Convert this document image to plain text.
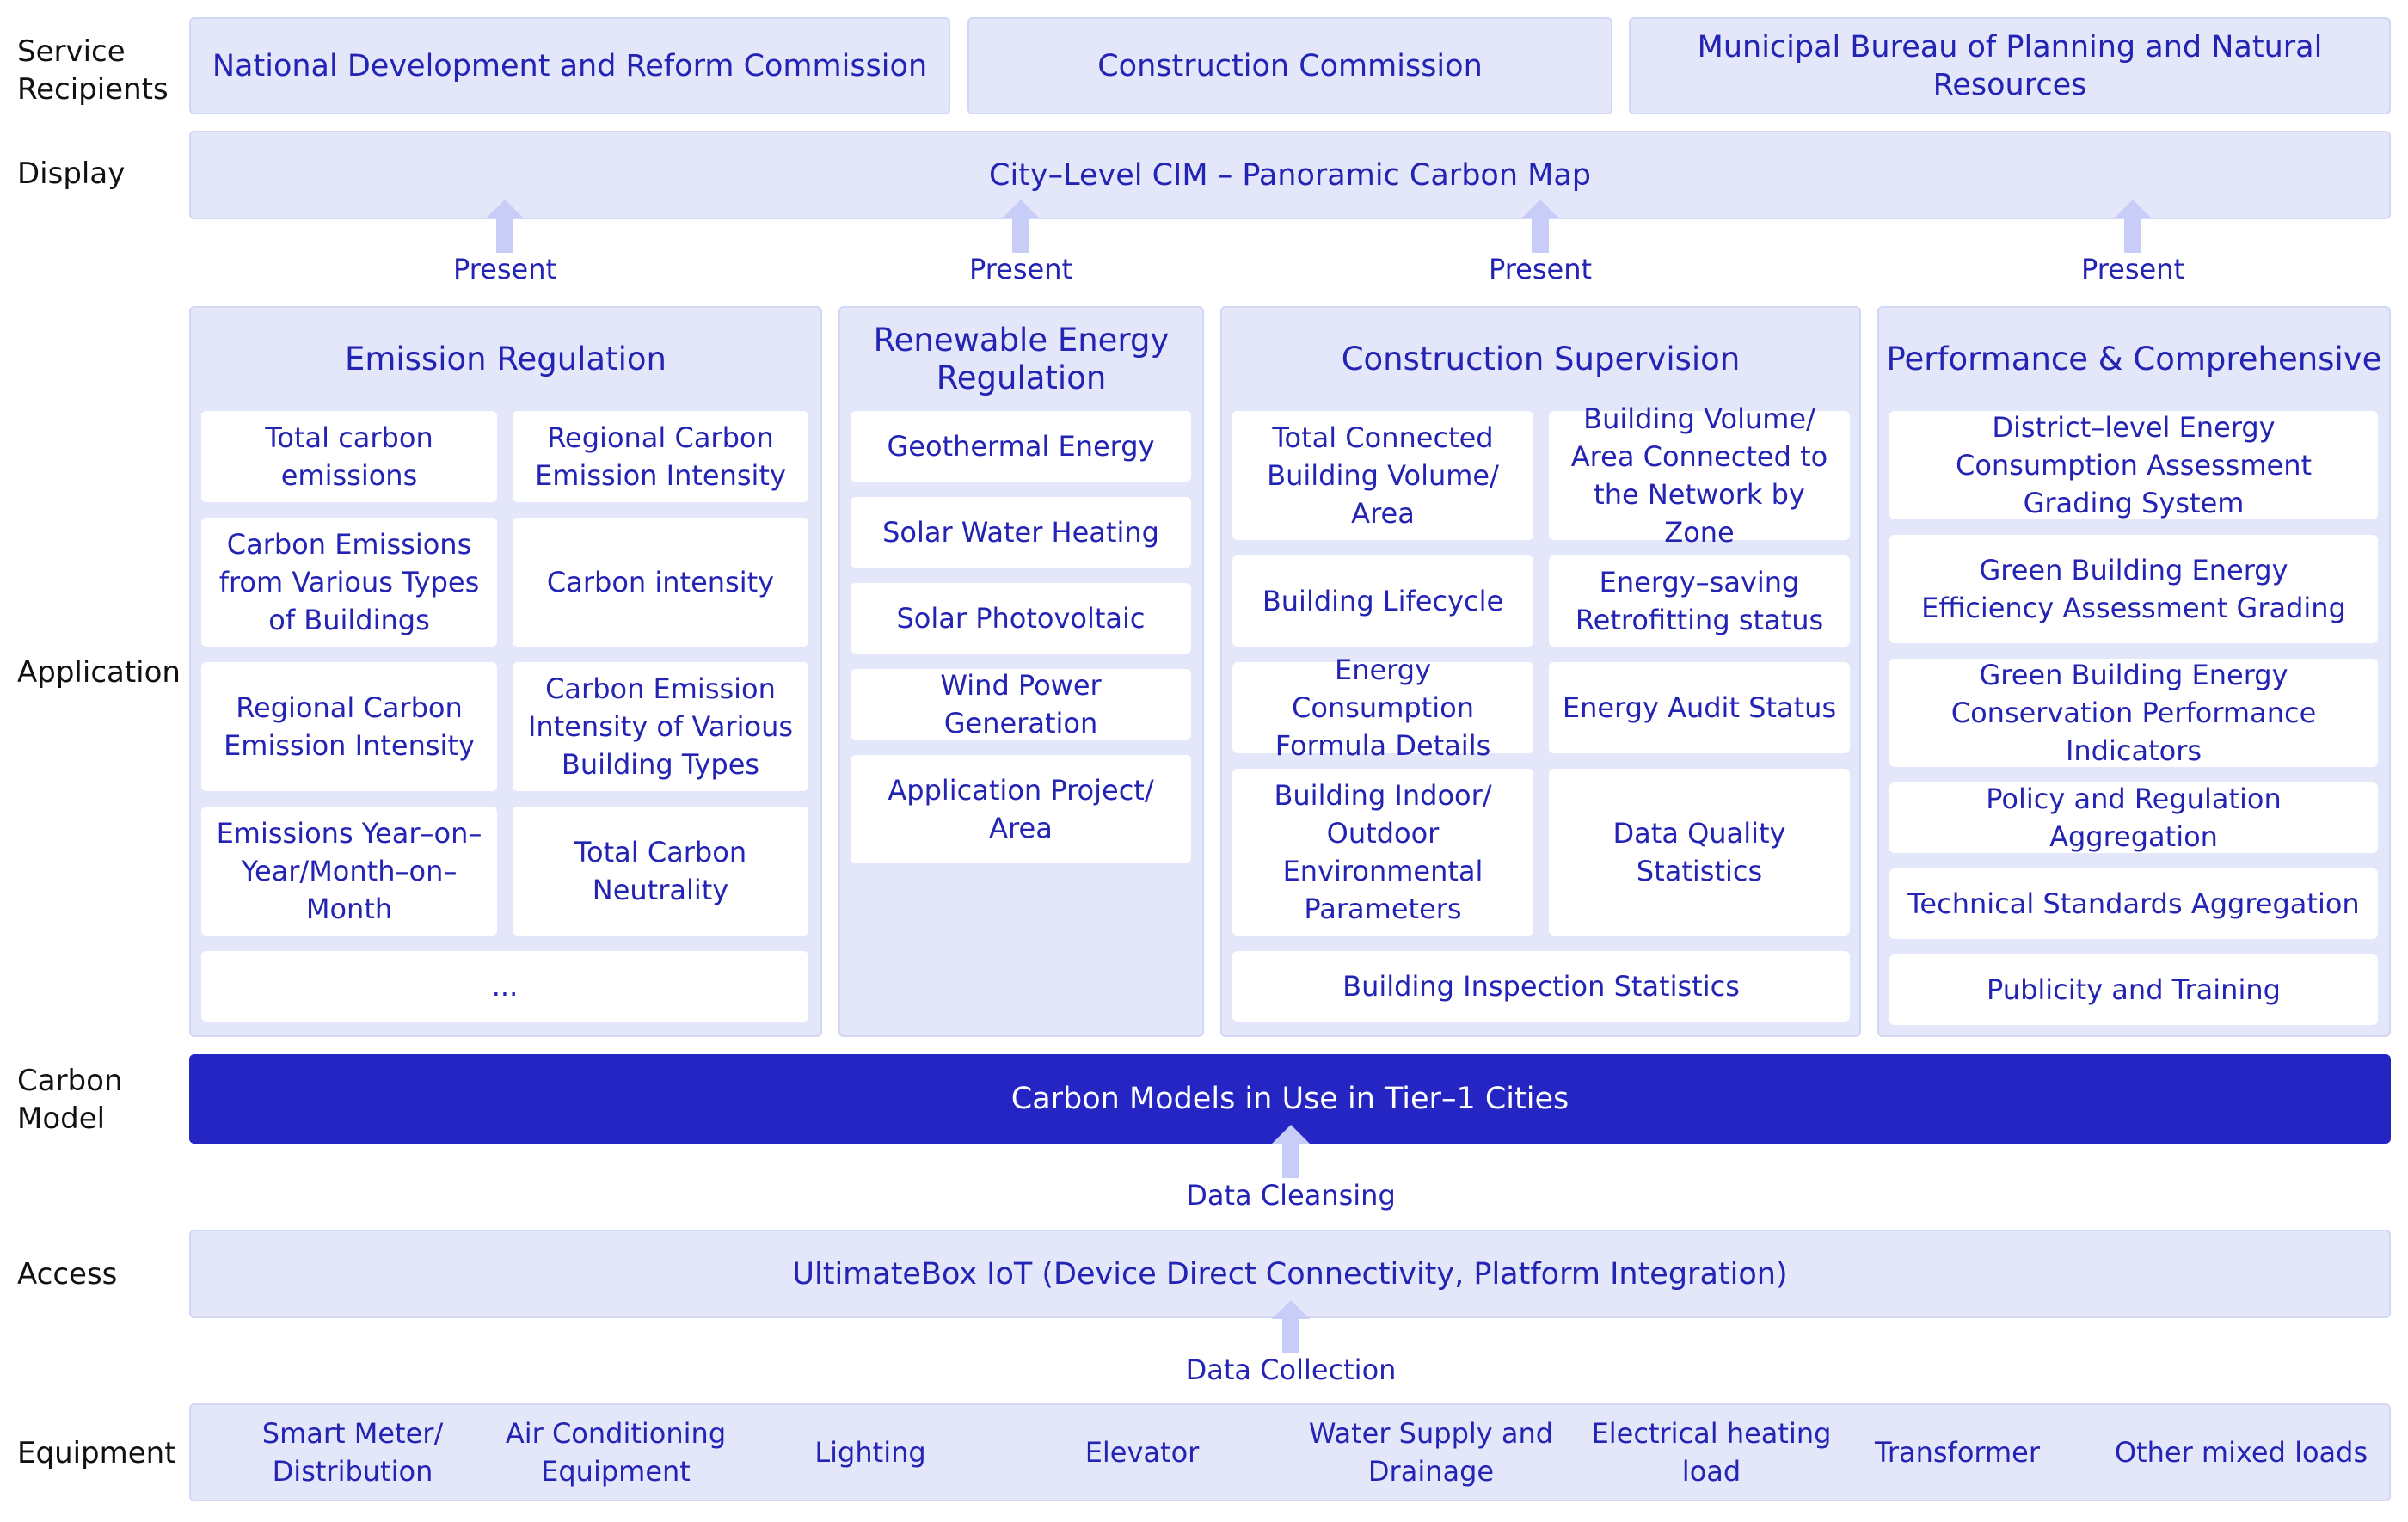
Service
Recipients
Display
Application
Carbon
Model
Access
Equipment
National Development and Reform Commission	Construction Commission
Municipal Bureau of Planning and Natural Resources
City–Level CIM – Panoramic Carbon Map
Present	Present	Present	Present
Emission Regulation
Total carbon emissions
Regional Carbon Emission Intensity
Carbon Emissions from Various Types of Buildings
Carbon intensity
Regional Carbon Emission Intensity
Carbon Emission Intensity of Various Building Types
Emissions Year–on–Year/Month–on–Month
Total Carbon Neutrality
...
Renewable Energy Regulation
Geothermal Energy
Solar Water Heating
Solar Photovoltaic
Wind Power Generation
Application Project/ Area
Construction Supervision
Total Connected Building Volume/ Area
Building Volume/ Area Connected to the Network by Zone
Building Lifecycle
Energy–saving Retrofitting status
Energy Consumption Formula Details
Energy Audit Status
Building Indoor/ Outdoor Environmental Parameters
Data Quality Statistics
Building Inspection Statistics
Performance & Comprehensive
District–level Energy Consumption Assessment Grading System
Green Building Energy Efficiency Assessment Grading
Green Building Energy Conservation Performance Indicators
Policy and Regulation Aggregation
Technical Standards Aggregation
Publicity and Training
Carbon Models in Use in Tier–1 Cities
Data Cleansing
UltimateBox IoT (Device Direct Connectivity, Platform Integration)
Data Collection
Smart Meter/ Distribution
Air Conditioning Equipment
Lighting	Elevator
Water Supply and Drainage
Electrical heating load
Transformer	Other mixed loads
